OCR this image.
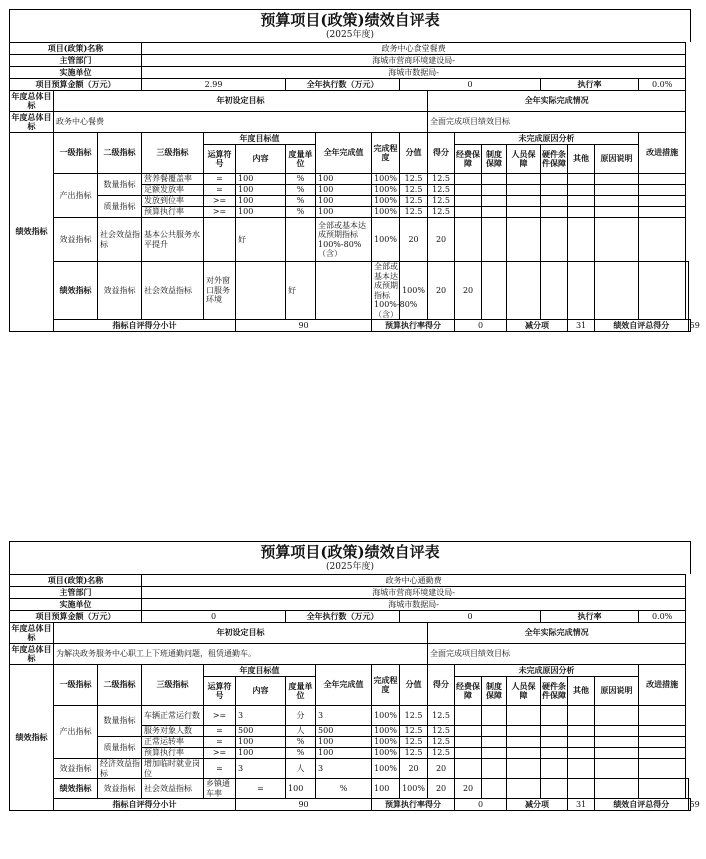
预算项目(政策)绩效自评表
(2025年度)
项目(政策)名称			政务中心食堂餐费																
主管部门			海城市营商环境建设局-																
实施单位			海城市数据局-																
项目预算金额（万元）			2.99			全年执行数（万元）			0					执行率			0.0%		
年度总体目标	年初设定目标									全年实际完成情况									
年度总体目标	政务中心餐费									全面完成项目绩效目标									
绩效指标	一级指标	二级指标	三级指标	年度目标值			全年完成值	完成程度	分值	得分	未完成原因分析						改进措施		
				运算符号	内容	度量单位					经费保障	制度保障	人员保障	硬件条件保障	其他	原因说明			
	产出指标	数量指标	营养餐覆盖率	=	100	%	100	100%	12.5	12.5									
			足额发放率	=	100	%	100	100%	12.5	12.5									
		质量指标	发放到位率	>=	100	%	100	100%	12.5	12.5									
			预算执行率	>=	100	%	100	100%	12.5	12.5									
	效益指标	社会效益指标	基本公共服务水平提升		好		全部或基本达成预期指标100%-80%（含）	100%	20	20									
	绩效指标	效益指标	社会效益指标	对外窗口服务环境		好		全部或基本达成预期指标100%-80%（含）	100%	20	20								
	指标自评得分小计				90			预算执行率得分			0		减分项		31	绩效自评总得分			59
预算项目(政策)绩效自评表
(2025年度)
项目(政策)名称			政务中心通勤费																
主管部门			海城市营商环境建设局-																
实施单位			海城市数据局-																
项目预算金额（万元）			0			全年执行数（万元）			0					执行率			0.0%		
年度总体目标	年初设定目标									全年实际完成情况									
年度总体目标	为解决政务服务中心职工上下班通勤问题，租赁通勤车。									全面完成项目绩效目标									
绩效指标	一级指标	二级指标	三级指标	年度目标值			全年完成值	完成程度	分值	得分	未完成原因分析						改进措施		
				运算符号	内容	度量单位					经费保障	制度保障	人员保障	硬件条件保障	其他	原因说明			
	产出指标	数量指标	车辆正常运行数	>=	3	分	3	100%	12.5	12.5									
			服务对象人数	=	500	人	500	100%	12.5	12.5									
		质量指标	正常运转率	=	100	%	100	100%	12.5	12.5									
			预算执行率	>=	100	%	100	100%	12.5	12.5									
	效益指标	经济效益指标	增加临时就业岗位	=	3	人	3	100%	20	20									
	绩效指标	效益指标	社会效益指标	乡镇通车率	=	100	%	100	100%	20	20								
	指标自评得分小计				90			预算执行率得分			0		减分项		31	绩效自评总得分			59
